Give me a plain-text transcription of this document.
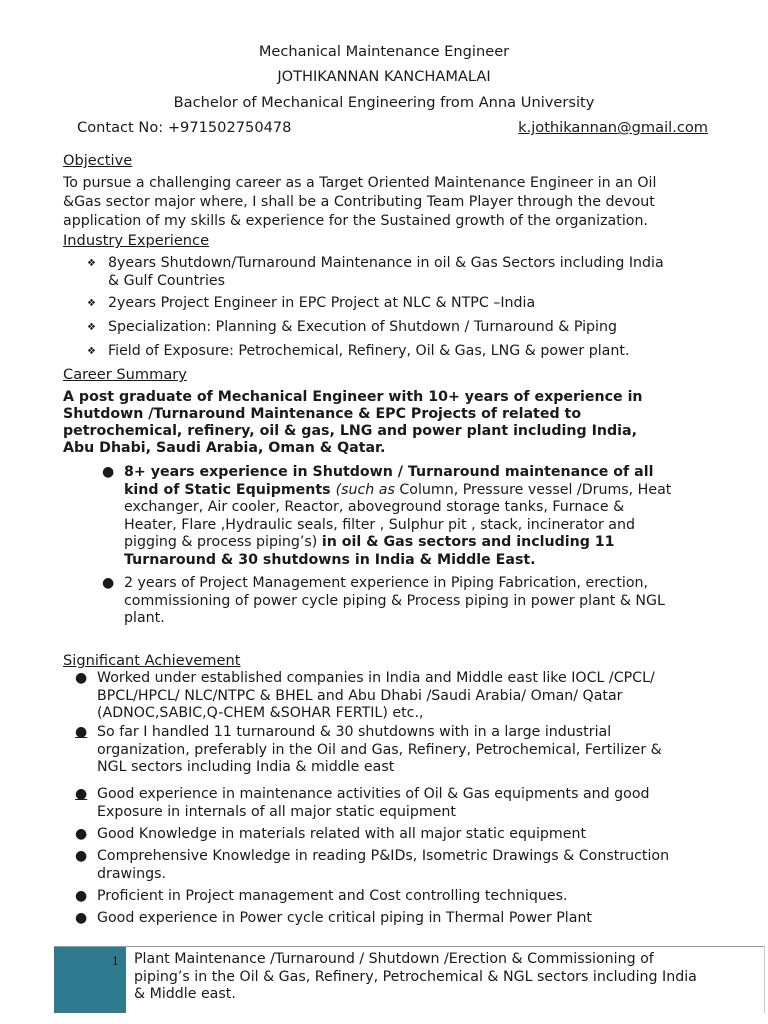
Mechanical Maintenance Engineer
JOTHIKANNAN KANCHAMALAI
Bachelor of Mechanical Engineering from Anna University
Contact No: +971502750478	k.jothikannan@gmail.com
Objective
To pursue a challenging career as a Target Oriented Maintenance Engineer in an Oil
&Gas sector major where, I shall be a Contributing Team Player through the devout
application of my skills & experience for the Sustained growth of the organization.
Industry Experience
❖ 8years Shutdown/Turnaround Maintenance in oil & Gas Sectors including India
& Gulf Countries
❖ 2years Project Engineer in EPC Project at NLC & NTPC –India
❖ Specialization: Planning & Execution of Shutdown / Turnaround & Piping
❖ Field of Exposure: Petrochemical, Refinery, Oil & Gas, LNG & power plant.
Career Summary
A post graduate of Mechanical Engineer with 10+ years of experience in
Shutdown /Turnaround Maintenance & EPC Projects of related to
petrochemical, refinery, oil & gas, LNG and power plant including India,
Abu Dhabi, Saudi Arabia, Oman & Qatar.
● 8+ years experience in Shutdown / Turnaround maintenance of all
kind of Static Equipments (such as Column, Pressure vessel /Drums, Heat
exchanger, Air cooler, Reactor, aboveground storage tanks, Furnace &
Heater, Flare ,Hydraulic seals, filter , Sulphur pit , stack, incinerator and
pigging & process piping’s) in oil & Gas sectors and including 11
Turnaround & 30 shutdowns in India & Middle East.
● 2 years of Project Management experience in Piping Fabrication, erection,
commissioning of power cycle piping & Process piping in power plant & NGL
plant.
Significant Achievement
● Worked under established companies in India and Middle east like IOCL /CPCL/
BPCL/HPCL/ NLC/NTPC & BHEL and Abu Dhabi /Saudi Arabia/ Oman/ Qatar
(ADNOC,SABIC,Q-CHEM &SOHAR FERTIL) etc.,
● So far I handled 11 turnaround & 30 shutdowns with in a large industrial
organization, preferably in the Oil and Gas, Refinery, Petrochemical, Fertilizer &
NGL sectors including India & middle east
● Good experience in maintenance activities of Oil & Gas equipments and good
Exposure in internals of all major static equipment
● Good Knowledge in materials related with all major static equipment
● Comprehensive Knowledge in reading P&IDs, Isometric Drawings & Construction
drawings.
● Proficient in Project management and Cost controlling techniques.
● Good experience in Power cycle critical piping in Thermal Power Plant
1 Plant Maintenance /Turnaround / Shutdown /Erection & Commissioning of
piping’s in the Oil & Gas, Refinery, Petrochemical & NGL sectors including India
& Middle east.
